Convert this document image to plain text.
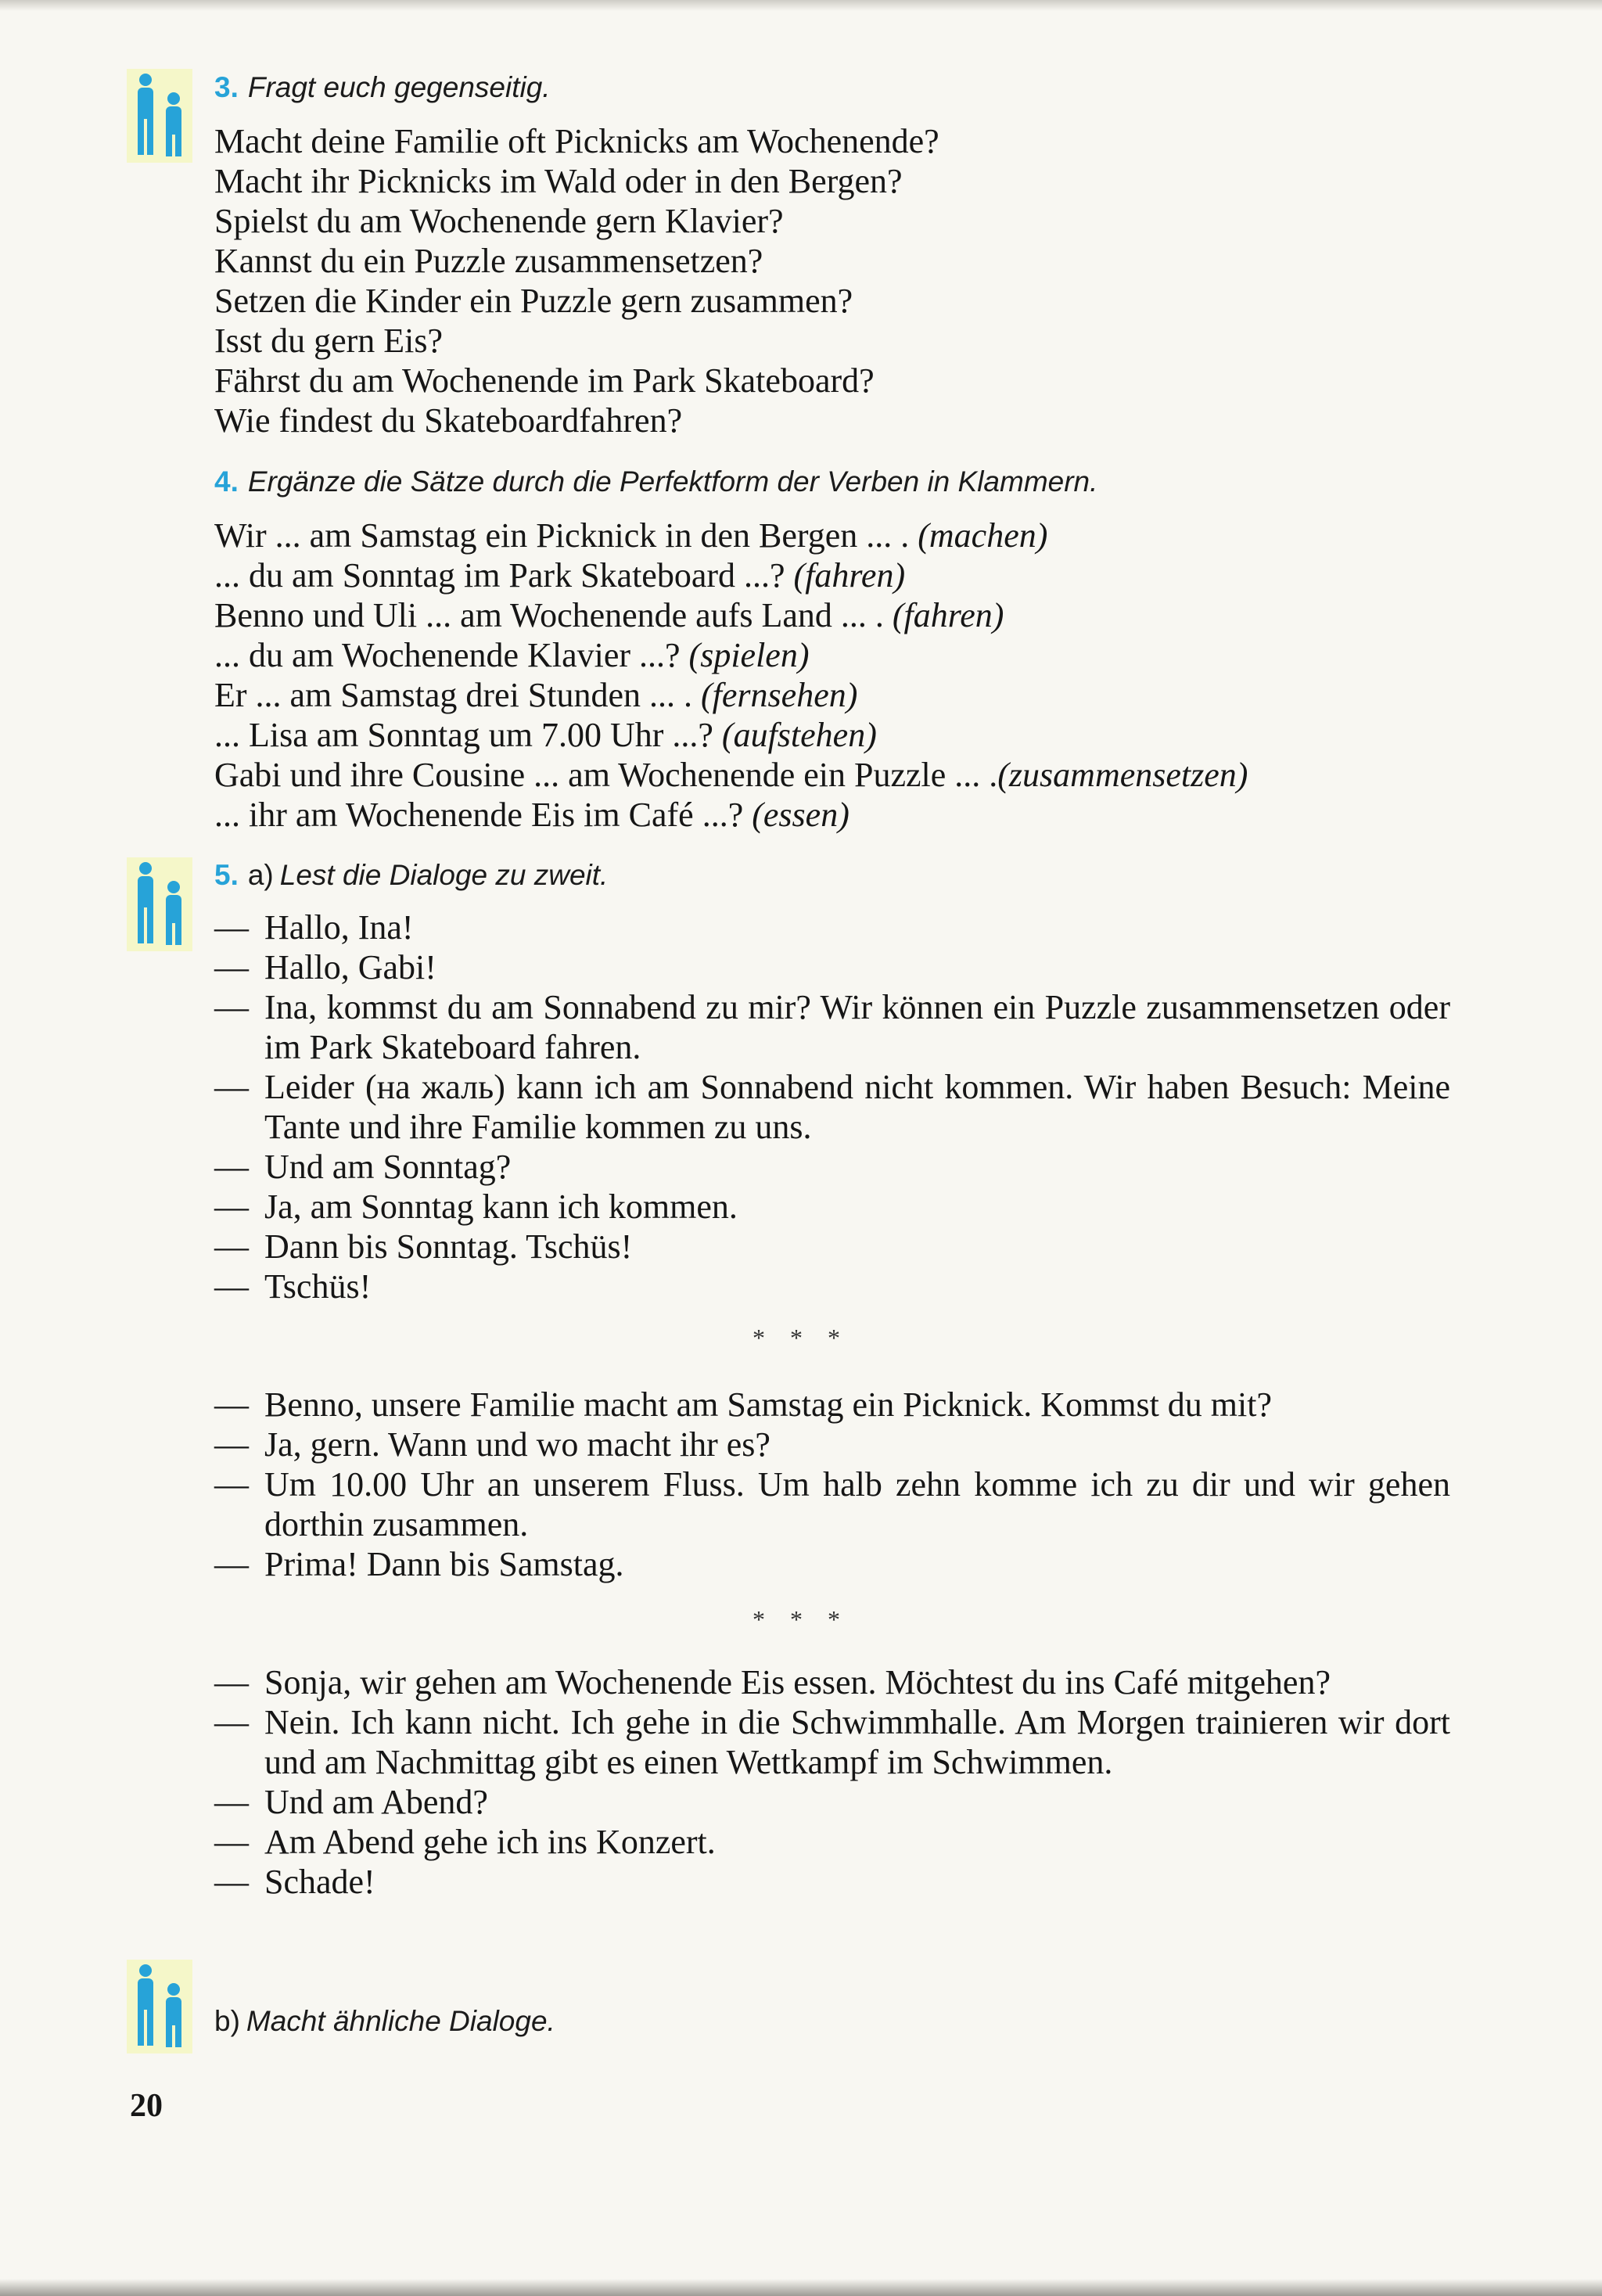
3. Fragt euch gegenseitig.
Macht deine Familie oft Picknicks am Wochenende?
Macht ihr Picknicks im Wald oder in den Bergen?
Spielst du am Wochenende gern Klavier?
Kannst du ein Puzzle zusammensetzen?
Setzen die Kinder ein Puzzle gern zusammen?
Isst du gern Eis?
Fährst du am Wochenende im Park Skateboard?
Wie findest du Skateboardfahren?
4. Ergänze die Sätze durch die Perfektform der Verben in Klammern.
Wir ... am Samstag ein Picknick in den Bergen ... . (machen)
... du am Sonntag im Park Skateboard ...? (fahren)
Benno und Uli ... am Wochenende aufs Land ... . (fahren)
... du am Wochenende Klavier ...? (spielen)
Er ... am Samstag drei Stunden ... . (fernsehen)
... Lisa am Sonntag um 7.00 Uhr ...? (aufstehen)
Gabi und ihre Cousine ... am Wochenende ein Puzzle ... .(zusammensetzen)
... ihr am Wochenende Eis im Café ...? (essen)
5. a) Lest die Dialoge zu zweit.
— Hallo, Ina!
— Hallo, Gabi!
— Ina, kommst du am Sonnabend zu mir? Wir können ein Puzzle zusammensetzen oder im Park Skateboard fahren.
— Leider (на жаль) kann ich am Sonnabend nicht kommen. Wir haben Besuch: Meine Tante und ihre Familie kommen zu uns.
— Und am Sonntag?
— Ja, am Sonntag kann ich kommen.
— Dann bis Sonntag. Tschüs!
— Tschüs!
* * *
— Benno, unsere Familie macht am Samstag ein Picknick. Kommst du mit?
— Ja, gern. Wann und wo macht ihr es?
— Um 10.00 Uhr an unserem Fluss. Um halb zehn komme ich zu dir und wir gehen dorthin zusammen.
— Prima! Dann bis Samstag.
* * *
— Sonja, wir gehen am Wochenende Eis essen. Möchtest du ins Café mitgehen?
— Nein. Ich kann nicht. Ich gehe in die Schwimmhalle. Am Morgen trainieren wir dort und am Nachmittag gibt es einen Wettkampf im Schwimmen.
— Und am Abend?
— Am Abend gehe ich ins Konzert.
— Schade!
b) Macht ähnliche Dialoge.
20
